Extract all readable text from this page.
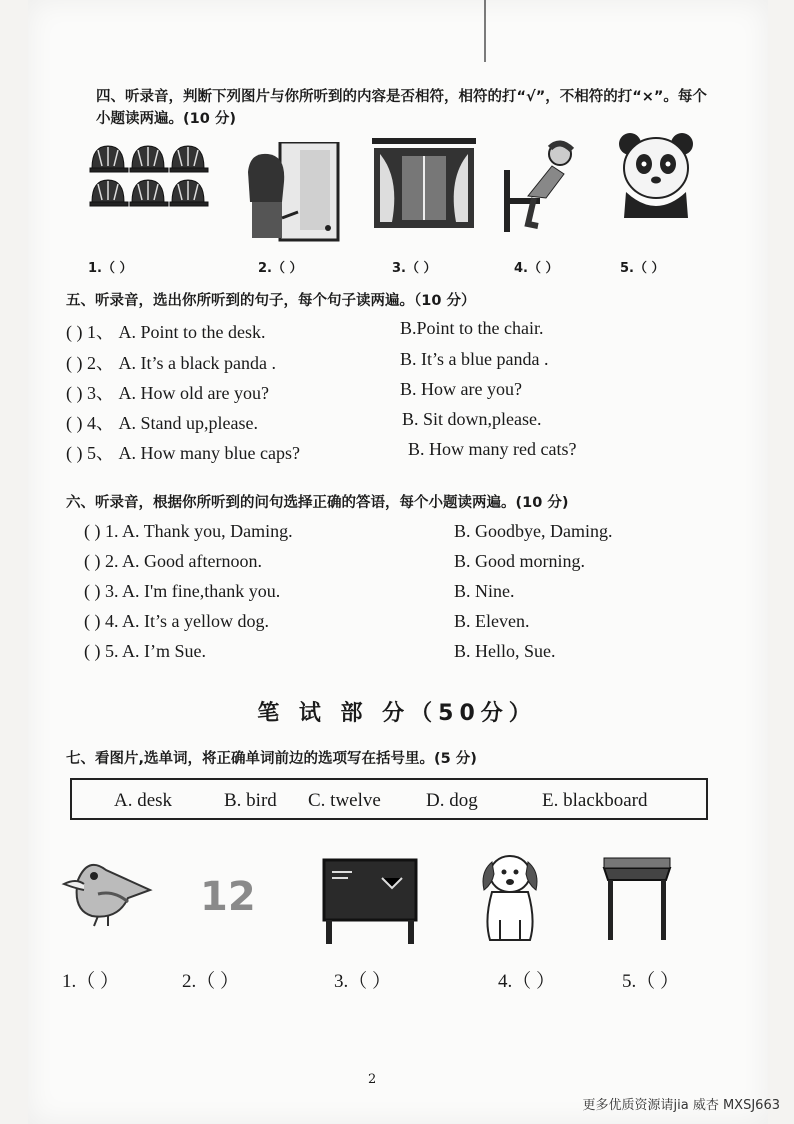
四、听录音，判断下列图片与你所听到的内容是否相符，相符的打“√”，不相符的打“×”。每个小题读两遍。(10 分)
1.（ ）	2.（ ）	3.（ ）	4.（ ）	5.（ ）
五、听录音，选出你所听到的句子，每个句子读两遍。（10 分）
( ) 1、 A. Point to the desk.	B.Point to the chair.
( ) 2、 A. It’s a black panda .	B. It’s a blue panda .
( ) 3、 A. How old are you?	B. How are you?
( ) 4、 A. Stand up,please.	B. Sit down,please.
( ) 5、 A. How many blue caps?	B. How many red cats?
六、听录音，根据你所听到的问句选择正确的答语，每个小题读两遍。(10 分)
( ) 1. A. Thank you, Daming.	B. Goodbye, Daming.
( ) 2. A. Good afternoon.	B. Good morning.
( ) 3. A. I'm fine,thank you.	B. Nine.
( ) 4. A. It’s a yellow dog.	B. Eleven.
( ) 5. A. I’m Sue.	B. Hello, Sue.
笔 试 部 分（50分）
七、看图片,选单词，将正确单词前边的选项写在括号里。(5 分)
A. desk	B. bird C. twelve D. dog	E. blackboard
12
1.（ ）	2.（ ）	3.（ ）	4.（ ）	5.（ ）
2
更多优质资源请jia 威杏 MXSJ663
